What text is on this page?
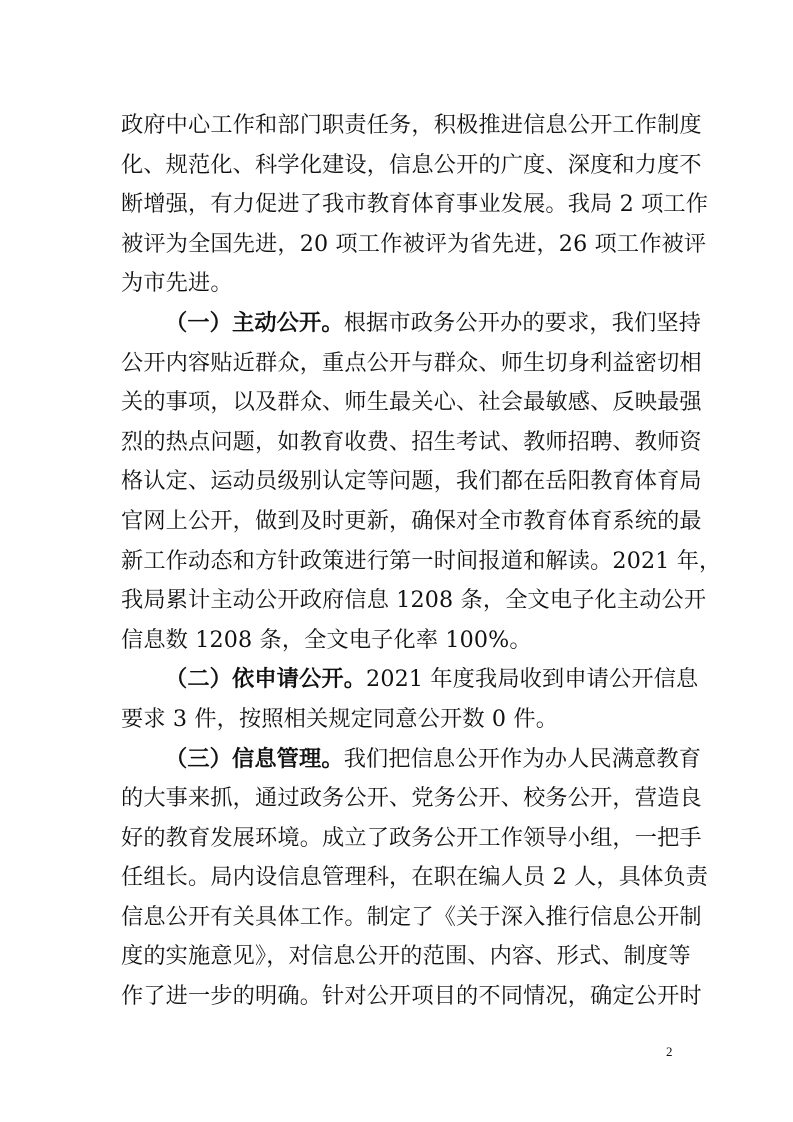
政府中心工作和部门职责任务，积极推进信息公开工作制度
化、规范化、科学化建设，信息公开的广度、深度和力度不
断增强，有力促进了我市教育体育事业发展。我局 2 项工作
被评为全国先进，20 项工作被评为省先进，26 项工作被评
为市先进。
（一）主动公开。根据市政务公开办的要求，我们坚持
公开内容贴近群众，重点公开与群众、师生切身利益密切相
关的事项，以及群众、师生最关心、社会最敏感、反映最强
烈的热点问题，如教育收费、招生考试、教师招聘、教师资
格认定、运动员级别认定等问题，我们都在岳阳教育体育局
官网上公开，做到及时更新，确保对全市教育体育系统的最
新工作动态和方针政策进行第一时间报道和解读。2021 年，
我局累计主动公开政府信息 1208 条，全文电子化主动公开
信息数 1208 条，全文电子化率 100%。
（二）依申请公开。2021 年度我局收到申请公开信息
要求 3 件，按照相关规定同意公开数 0 件。
（三）信息管理。我们把信息公开作为办人民满意教育
的大事来抓，通过政务公开、党务公开、校务公开，营造良
好的教育发展环境。成立了政务公开工作领导小组，一把手
任组长。局内设信息管理科，在职在编人员 2 人，具体负责
信息公开有关具体工作。制定了《关于深入推行信息公开制
度的实施意见》，对信息公开的范围、内容、形式、制度等
作了进一步的明确。针对公开项目的不同情况，确定公开时
2
